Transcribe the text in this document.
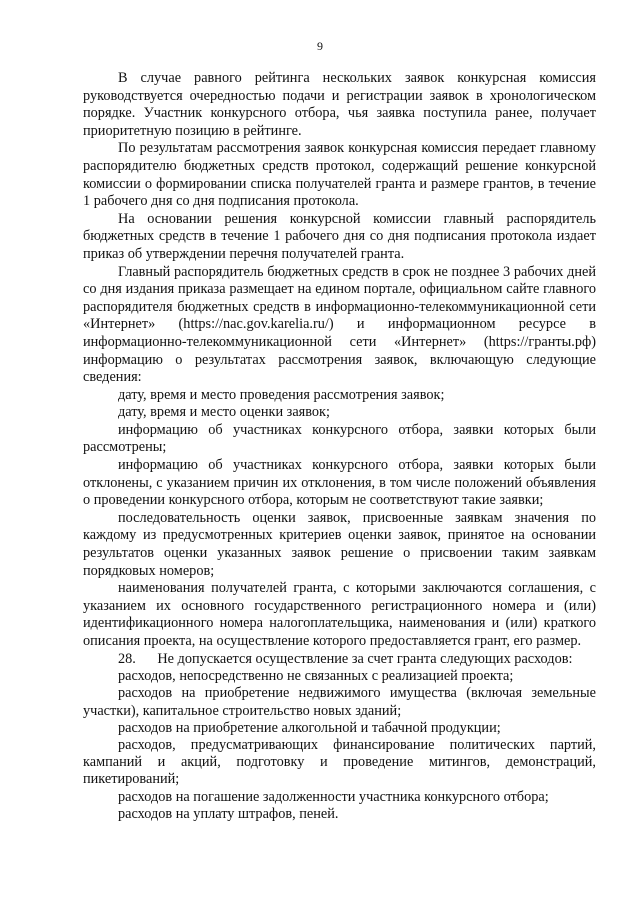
9

В случае равного рейтинга нескольких заявок конкурсная комиссия руководствуется очередностью подачи и регистрации заявок в хронологическом порядке. Участник конкурсного отбора, чья заявка поступила ранее, получает приоритетную позицию в рейтинге.

По результатам рассмотрения заявок конкурсная комиссия передает главному распорядителю бюджетных средств протокол, содержащий решение конкурсной комиссии о формировании списка получателей гранта и размере грантов, в течение 1 рабочего дня со дня подписания протокола.

На основании решения конкурсной комиссии главный распорядитель бюджетных средств в течение 1 рабочего дня со дня подписания протокола издает приказ об утверждении перечня получателей гранта.

Главный распорядитель бюджетных средств в срок не позднее 3 рабочих дней со дня издания приказа размещает на едином портале, официальном сайте главного распорядителя бюджетных средств в информационно-телекоммуникационной сети «Интернет» (https://nac.gov.karelia.ru/) и информационном ресурсе в информационно-телекоммуникационной сети «Интернет» (https://гранты.рф) информацию о результатах рассмотрения заявок, включающую следующие сведения:

дату, время и место проведения рассмотрения заявок;

дату, время и место оценки заявок;

информацию об участниках конкурсного отбора, заявки которых были рассмотрены;

информацию об участниках конкурсного отбора, заявки которых были отклонены, с указанием причин их отклонения, в том числе положений объявления о проведении конкурсного отбора, которым не соответствуют такие заявки;

последовательность оценки заявок, присвоенные заявкам значения по каждому из предусмотренных критериев оценки заявок, принятое на основании результатов оценки указанных заявок решение о присвоении таким заявкам порядковых номеров;

наименования получателей гранта, с которыми заключаются соглашения, с указанием их основного государственного регистрационного номера и (или) идентификационного номера налогоплательщика, наименования и (или) краткого описания проекта, на осуществление которого предоставляется грант, его размер.

28.      Не допускается осуществление за счет гранта следующих расходов:

расходов, непосредственно не связанных с реализацией проекта;

расходов на приобретение недвижимого имущества (включая земельные участки), капитальное строительство новых зданий;

расходов на приобретение алкогольной и табачной продукции;

расходов, предусматривающих финансирование политических партий, кампаний и акций, подготовку и проведение митингов, демонстраций, пикетирований;

расходов на погашение задолженности участника конкурсного отбора;

расходов на уплату штрафов, пеней.
